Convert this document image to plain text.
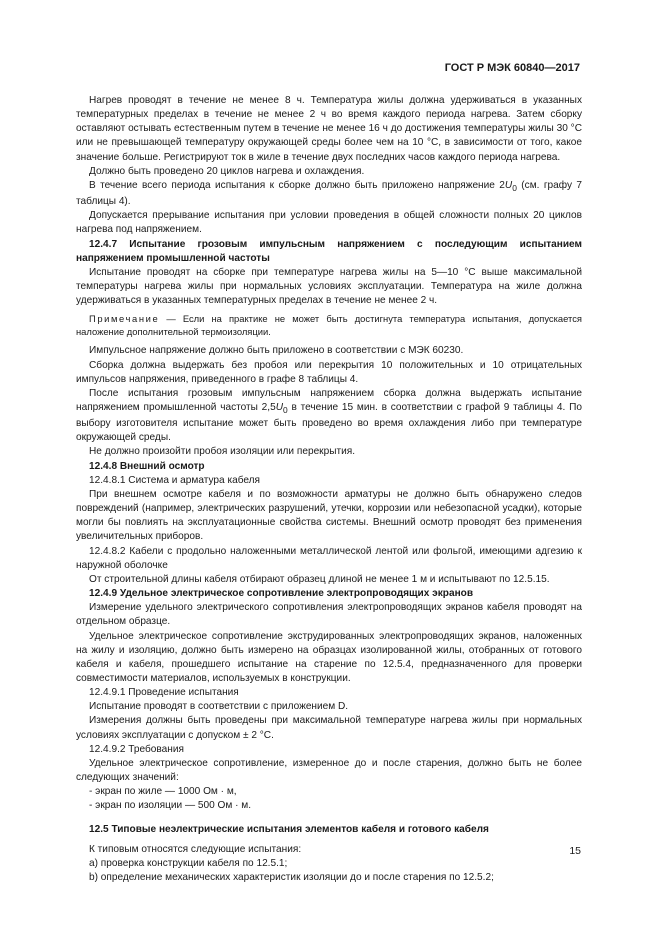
ГОСТ Р МЭК 60840—2017

Нагрев проводят в течение не менее 8 ч. Температура жилы должна удерживаться в указанных температурных пределах в течение не менее 2 ч во время каждого периода нагрева. Затем сборку оставляют остывать естественным путем в течение не менее 16 ч до достижения температуры жилы 30 °C или не превышающей температуру окружающей среды более чем на 10 °C, в зависимости от того, какое значение больше. Регистрируют ток в жиле в течение двух последних часов каждого периода нагрева.

Должно быть проведено 20 циклов нагрева и охлаждения.

В течение всего периода испытания к сборке должно быть приложено напряжение $2U_0$ (см. графу 7 таблицы 4).

Допускается прерывание испытания при условии проведения в общей сложности полных 20 циклов нагрева под напряжением.

12.4.7 Испытание грозовым импульсным напряжением с последующим испытанием напряжением промышленной частоты

Испытание проводят на сборке при температуре нагрева жилы на 5—10 °C выше максимальной температуры нагрева жилы при нормальных условиях эксплуатации. Температура на жиле должна удерживаться в указанных температурных пределах в течение не менее 2 ч.

Примечание — Если на практике не может быть достигнута температура испытания, допускается наложение дополнительной термоизоляции.

Импульсное напряжение должно быть приложено в соответствии с МЭК 60230.

Сборка должна выдержать без пробоя или перекрытия 10 положительных и 10 отрицательных импульсов напряжения, приведенного в графе 8 таблицы 4.

После испытания грозовым импульсным напряжением сборка должна выдержать испытание напряжением промышленной частоты $2,5U_0$ в течение 15 мин. в соответствии с графой 9 таблицы 4. По выбору изготовителя испытание может быть проведено во время охлаждения либо при температуре окружающей среды.

Не должно произойти пробоя изоляции или перекрытия.

12.4.8 Внешний осмотр

12.4.8.1 Система и арматура кабеля

При внешнем осмотре кабеля и по возможности арматуры не должно быть обнаружено следов повреждений (например, электрических разрушений, утечки, коррозии или небезопасной усадки), которые могли бы повлиять на эксплуатационные свойства системы. Внешний осмотр проводят без применения увеличительных приборов.

12.4.8.2 Кабели с продольно наложенными металлической лентой или фольгой, имеющими адгезию к наружной оболочке

От строительной длины кабеля отбирают образец длиной не менее 1 м и испытывают по 12.5.15.

12.4.9 Удельное электрическое сопротивление электропроводящих экранов

Измерение удельного электрического сопротивления электропроводящих экранов кабеля проводят на отдельном образце.

Удельное электрическое сопротивление экструдированных электропроводящих экранов, наложенных на жилу и изоляцию, должно быть измерено на образцах изолированной жилы, отобранных от готового кабеля и кабеля, прошедшего испытание на старение по 12.5.4, предназначенного для проверки совместимости материалов, используемых в конструкции.

12.4.9.1 Проведение испытания

Испытание проводят в соответствии с приложением D.

Измерения должны быть проведены при максимальной температуре нагрева жилы при нормальных условиях эксплуатации с допуском ± 2 °C.

12.4.9.2 Требования

Удельное электрическое сопротивление, измеренное до и после старения, должно быть не более следующих значений:

- экран по жиле — 1000 Ом · м,

- экран по изоляции — 500 Ом · м.

12.5 Типовые неэлектрические испытания элементов кабеля и готового кабеля

К типовым относятся следующие испытания:

a) проверка конструкции кабеля по 12.5.1;

b) определение механических характеристик изоляции до и после старения по 12.5.2;

15
